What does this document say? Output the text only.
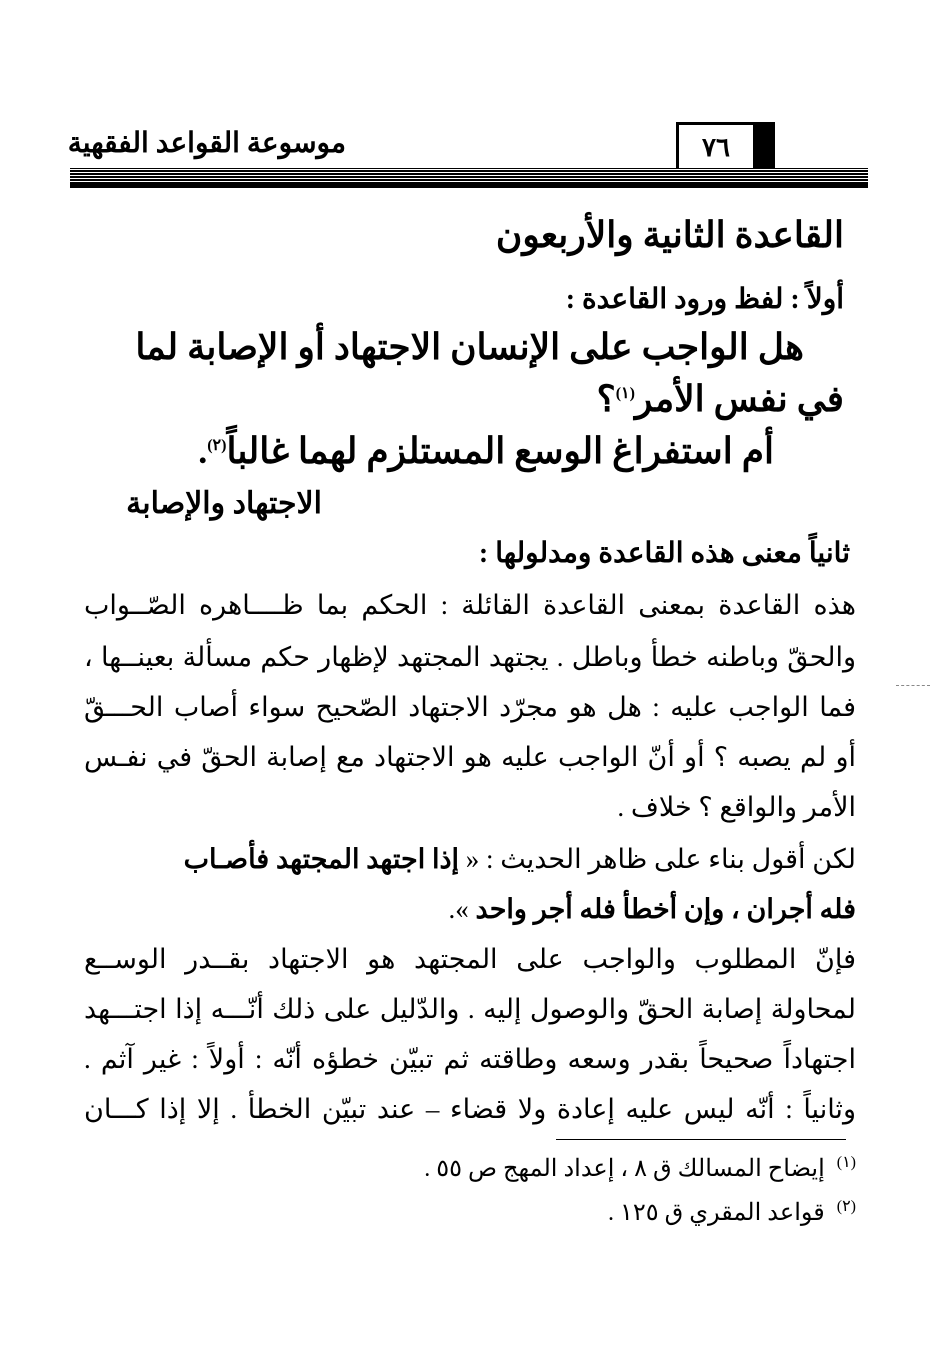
موسوعة القواعد الفقهية	٧٦
القاعدة الثانية والأربعون
أولاً : لفظ ورود القاعدة :
هل الواجب على الإنسان الاجتهاد أو الإصابة لما
في نفس الأمر$^{(١)}$؟
أم استفراغ الوسع المستلزم لهما غالباً$^{(٢)}$.
الاجتهاد والإصابة
ثانياً معنى هذه القاعدة ومدلولها :
هذه القاعدة بمعنى القاعدة القائلة : الحكم بما ظــــاهره الصّــواب
والحقّ وباطنه خطأ وباطل . يجتهد المجتهد لإظهار حكم مسألة بعينــها ،
فما الواجب عليه : هل هو مجرّد الاجتهاد الصّحيح سواء أصاب الحـــقّ
أو لم يصبه ؟ أو أنّ الواجب عليه هو الاجتهاد مع إصابة الحقّ في نفـس
الأمر والواقع ؟ خلاف .
لكن أقول بناء على ظاهر الحديث : « إذا اجتهد المجتهد فأصـاب
فله أجران ، وإن أخطأ فله أجر واحد ».
فإنّ المطلوب والواجب على المجتهد هو الاجتهاد بقــدر الوســع
لمحاولة إصابة الحقّ والوصول إليه . والدّليل على ذلك أنّـــه إذا اجتـــهد
اجتهاداً صحيحاً بقدر وسعه وطاقته ثم تبيّن خطؤه أنّه : أولاً : غير آثم .
وثانياً : أنّه ليس عليه إعادة ولا قضاء – عند تبيّن الخطأ . إلا إذا كـــان
$^{(١)}$  إيضاح المسالك ق ٨ ، إعداد المهج ص ٥٥ .
$^{(٢)}$  قواعد المقري ق ١٢٥ .
